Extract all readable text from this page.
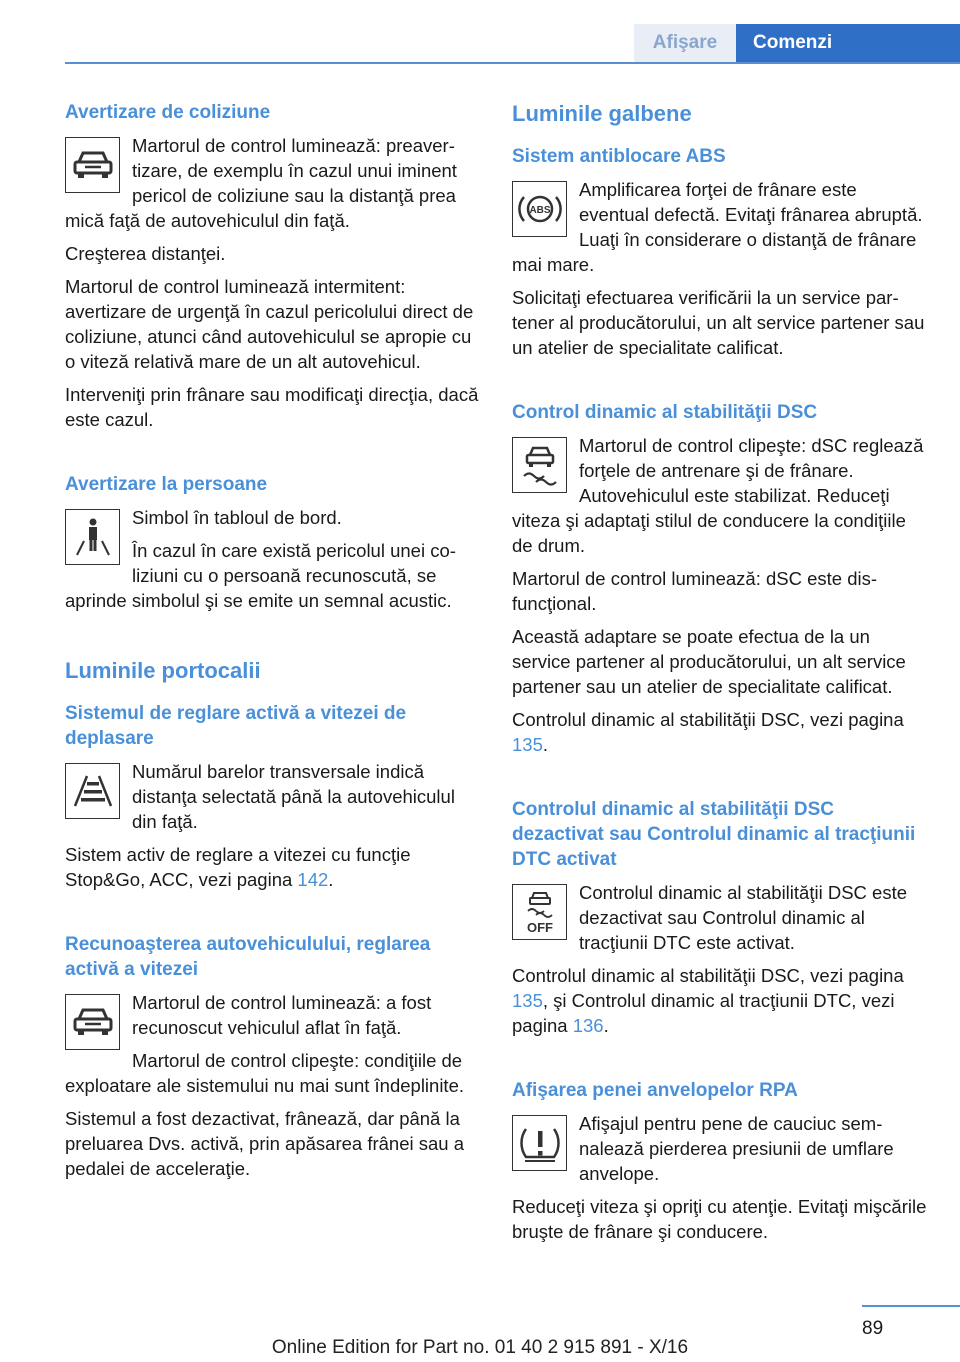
Afişare	Comenzi
Avertizare de coliziune

Martorul de control luminează: preavertizare, de exemplu în cazul unui iminent pericol de coliziune sau la distanţă prea mică faţă de autovehiculul din faţă.

Creşterea distanţei.

Martorul de control luminează intermitent: avertizare de urgenţă în cazul pericolului direct de coliziune, atunci când autovehiculul se apropie cu o viteză relativă mare de un alt autovehicul.

Interveniţi prin frânare sau modificaţi direcţia, dacă este cazul.

Avertizare la persoane

Simbol în tabloul de bord.

În cazul în care există pericolul unei coliziuni cu o persoană recunoscută, se aprinde simbolul şi se emite un semnal acustic.

Luminile portocalii
Sistemul de reglare activă a vitezei de deplasare

Numărul barelor transversale indică distanţa selectată până la autovehiculul din faţă.

Sistem activ de reglare a vitezei cu funcţie Stop&Go, ACC, vezi pagina 142.

Recunoaşterea autovehiculului, reglarea activă a vitezei

Martorul de control luminează: a fost recunoscut vehiculul aflat în faţă.

Martorul de control clipeşte: condiţiile de exploatare ale sistemului nu mai sunt îndeplinite.

Sistemul a fost dezactivat, frânează, dar până la preluarea Dvs. activă, prin apăsarea frânei sau a pedalei de acceleraţie.

Luminile galbene
Sistem antiblocare ABS
ABS

Amplificarea forţei de frânare este eventual defectă. Evitaţi frânarea abruptă. Luaţi în considerare o distanţă de frânare mai mare.

Solicitaţi efectuarea verificării la un service partener al producătorului, un alt service partener sau un atelier de specialitate calificat.

Control dinamic al stabilităţii DSC

Martorul de control clipeşte: dSC reglează forţele de antrenare şi de frânare. Autovehiculul este stabilizat. Reduceţi viteza şi adaptaţi stilul de conducere la condiţiile de drum.

Martorul de control luminează: dSC este disfuncţional.

Această adaptare se poate efectua de la un service partener al producătorului, un alt service partener sau un atelier de specialitate calificat.

Controlul dinamic al stabilităţii DSC, vezi pagina 135.

Controlul dinamic al stabilităţii DSC dezactivat sau Controlul dinamic al tracţiunii DTC activat
OFF

Controlul dinamic al stabilităţii DSC este dezactivat sau Controlul dinamic al tracţiunii DTC este activat.

Controlul dinamic al stabilităţii DSC, vezi pagina 135, şi Controlul dinamic al tracţiunii DTC, vezi pagina 136.

Afişarea penei anvelopelor RPA

Afişajul pentru pene de cauciuc semnalează pierderea presiunii de umflare anvelope.

Reduceţi viteza şi opriţi cu atenţie. Evitaţi mişcările bruşte de frânare şi conducere.

89
Online Edition for Part no. 01 40 2 915 891 - X/16
